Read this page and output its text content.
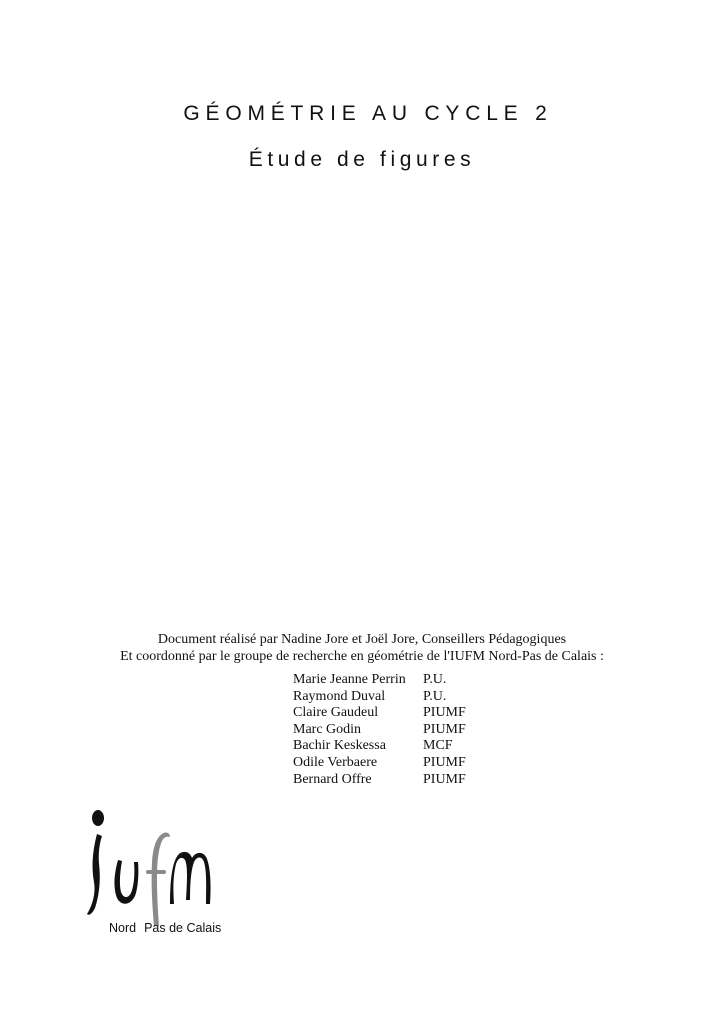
GÉOMÉTRIE AU CYCLE 2
Étude de figures

Document réalisé par Nadine Jore et Joël Jore, Conseillers Pédagogiques

Et coordonné par le groupe de recherche en géométrie de l'IUFM Nord-Pas de Calais :

Marie Jeanne Perrin	P.U.
Raymond Duval	P.U.
Claire Gaudeul	PIUMF
Marc Godin	PIUMF
Bachir Keskessa	MCF
Odile Verbaere	PIUMF
Bernard Offre	PIUMF
Nord Pas de Calais
